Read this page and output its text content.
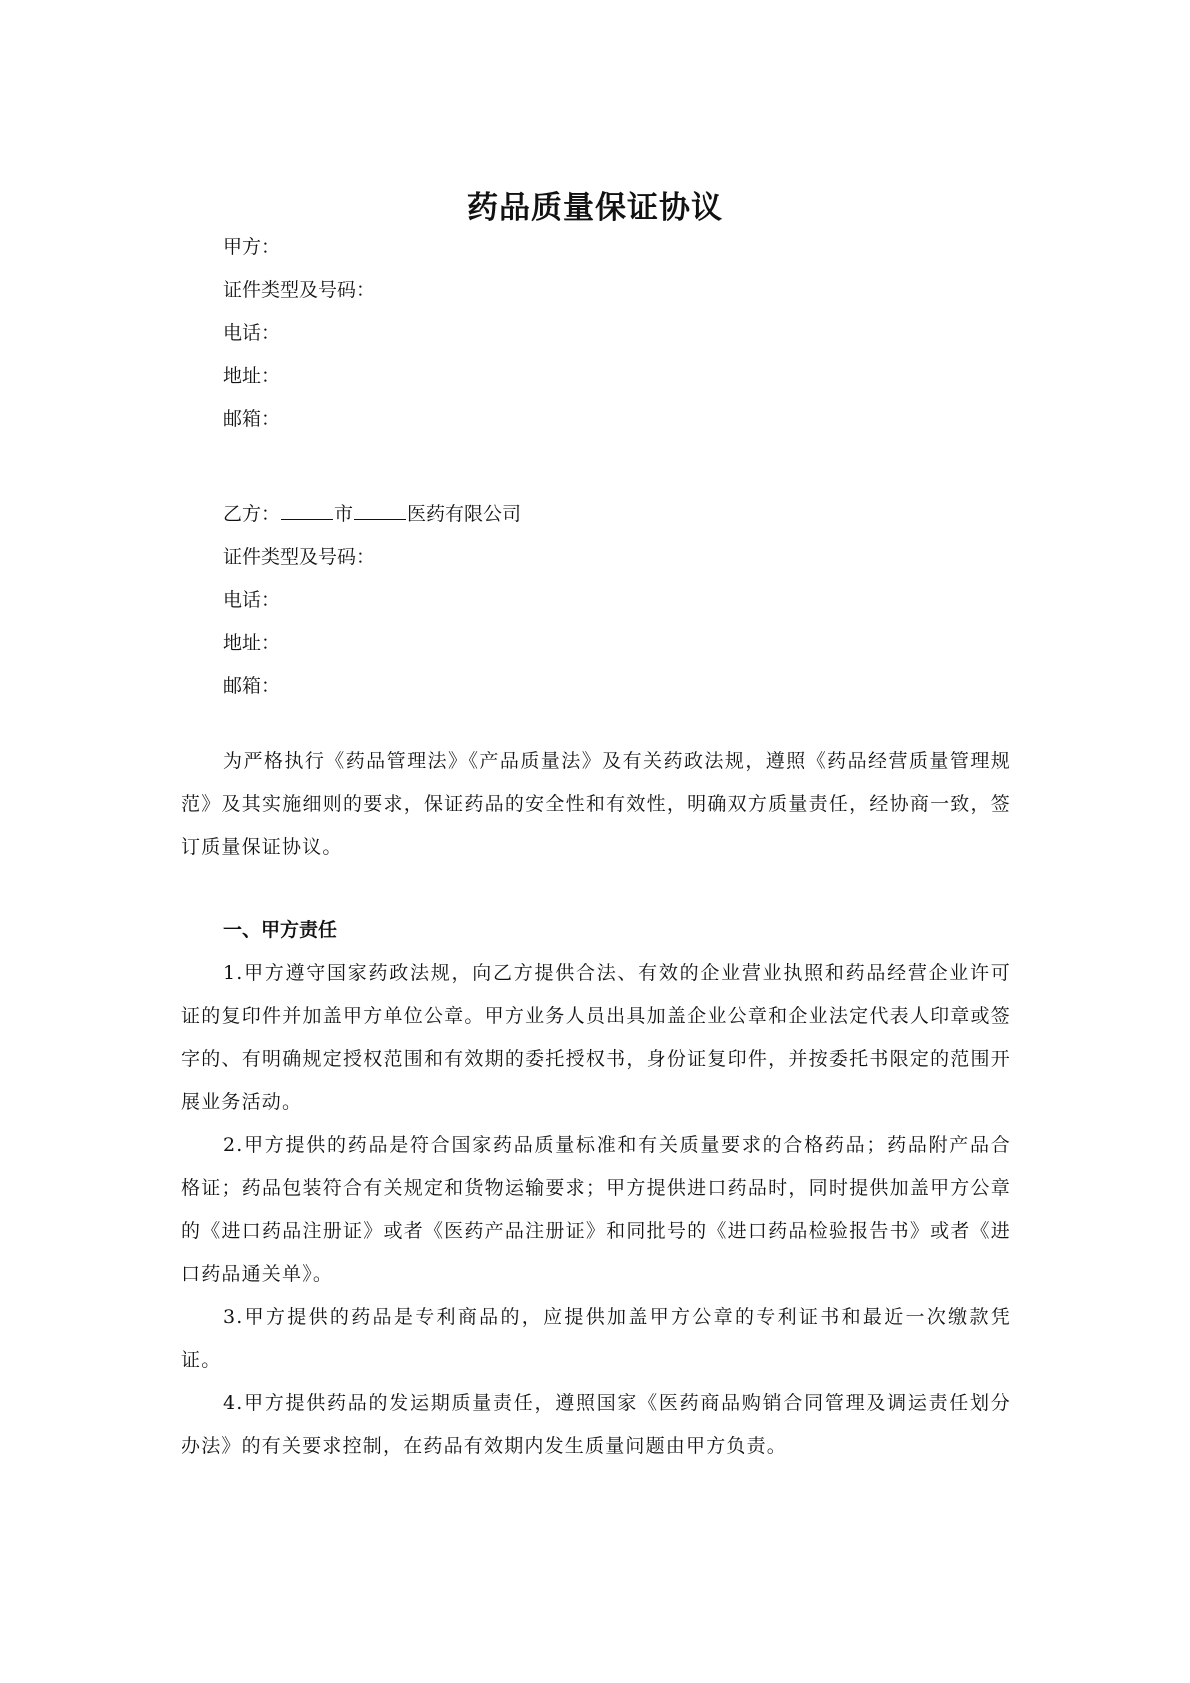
药品质量保证协议
甲方：
证件类型及号码：
电话：
地址：
邮箱：
乙方：	市	医药有限公司
证件类型及号码：
电话：
地址：
邮箱：
为严格执行《药品管理法》《产品质量法》及有关药政法规，遵照《药品经营质量管理规范》及其实施细则的要求，保证药品的安全性和有效性，明确双方质量责任，经协商一致，签订质量保证协议。
一、甲方责任
1.甲方遵守国家药政法规，向乙方提供合法、有效的企业营业执照和药品经营企业许可证的复印件并加盖甲方单位公章。甲方业务人员出具加盖企业公章和企业法定代表人印章或签字的、有明确规定授权范围和有效期的委托授权书，身份证复印件，并按委托书限定的范围开展业务活动。
2.甲方提供的药品是符合国家药品质量标准和有关质量要求的合格药品；药品附产品合格证；药品包装符合有关规定和货物运输要求；甲方提供进口药品时，同时提供加盖甲方公章的《进口药品注册证》或者《医药产品注册证》和同批号的《进口药品检验报告书》或者《进口药品通关单》。
3.甲方提供的药品是专利商品的，应提供加盖甲方公章的专利证书和最近一次缴款凭证。
4.甲方提供药品的发运期质量责任，遵照国家《医药商品购销合同管理及调运责任划分办法》的有关要求控制，在药品有效期内发生质量问题由甲方负责。
